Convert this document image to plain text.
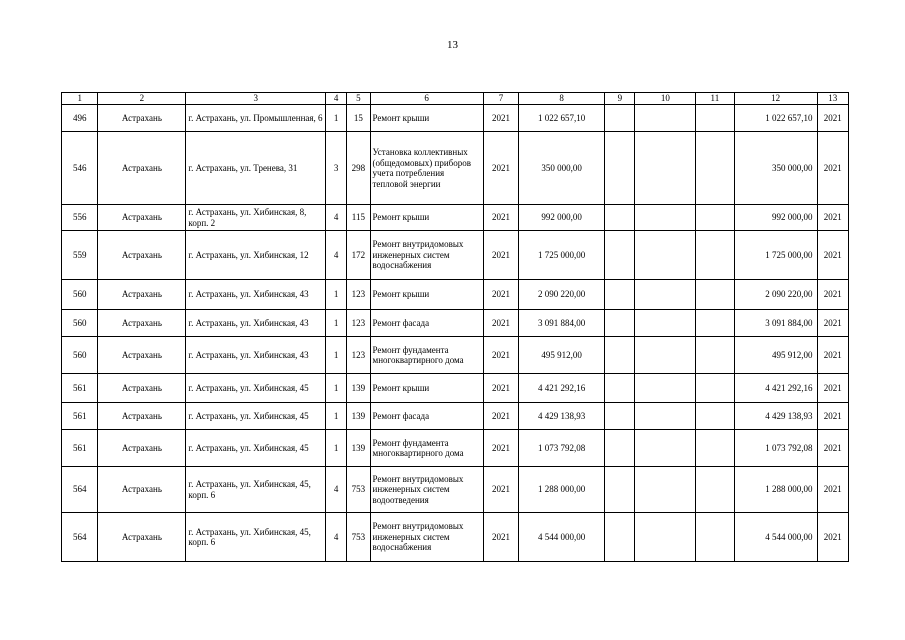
13
1	2	3	4	5	6	7	8	9	10	11	12	13
496	Астрахань	г. Астрахань, ул. Промышленная, 6	1	15	Ремонт крыши	2021	1 022 657,10				1 022 657,10	2021
546	Астрахань	г. Астрахань, ул. Тренева, 31	3	298	Установка коллективных (общедомовых) приборов учета потребления тепловой энергии	2021	350 000,00				350 000,00	2021
556	Астрахань	г. Астрахань, ул. Хибинская, 8, корп. 2	4	115	Ремонт крыши	2021	992 000,00				992 000,00	2021
559	Астрахань	г. Астрахань, ул. Хибинская, 12	4	172	Ремонт внутридомовых инженерных систем водоснабжения	2021	1 725 000,00				1 725 000,00	2021
560	Астрахань	г. Астрахань, ул. Хибинская, 43	1	123	Ремонт крыши	2021	2 090 220,00				2 090 220,00	2021
560	Астрахань	г. Астрахань, ул. Хибинская, 43	1	123	Ремонт фасада	2021	3 091 884,00				3 091 884,00	2021
560	Астрахань	г. Астрахань, ул. Хибинская, 43	1	123	Ремонт фундамента многоквартирного дома	2021	495 912,00				495 912,00	2021
561	Астрахань	г. Астрахань, ул. Хибинская, 45	1	139	Ремонт крыши	2021	4 421 292,16				4 421 292,16	2021
561	Астрахань	г. Астрахань, ул. Хибинская, 45	1	139	Ремонт фасада	2021	4 429 138,93				4 429 138,93	2021
561	Астрахань	г. Астрахань, ул. Хибинская, 45	1	139	Ремонт фундамента многоквартирного дома	2021	1 073 792,08				1 073 792,08	2021
564	Астрахань	г. Астрахань, ул. Хибинская, 45, корп. 6	4	753	Ремонт внутридомовых инженерных систем водоотведения	2021	1 288 000,00				1 288 000,00	2021
564	Астрахань	г. Астрахань, ул. Хибинская, 45, корп. 6	4	753	Ремонт внутридомовых инженерных систем водоснабжения	2021	4 544 000,00				4 544 000,00	2021
